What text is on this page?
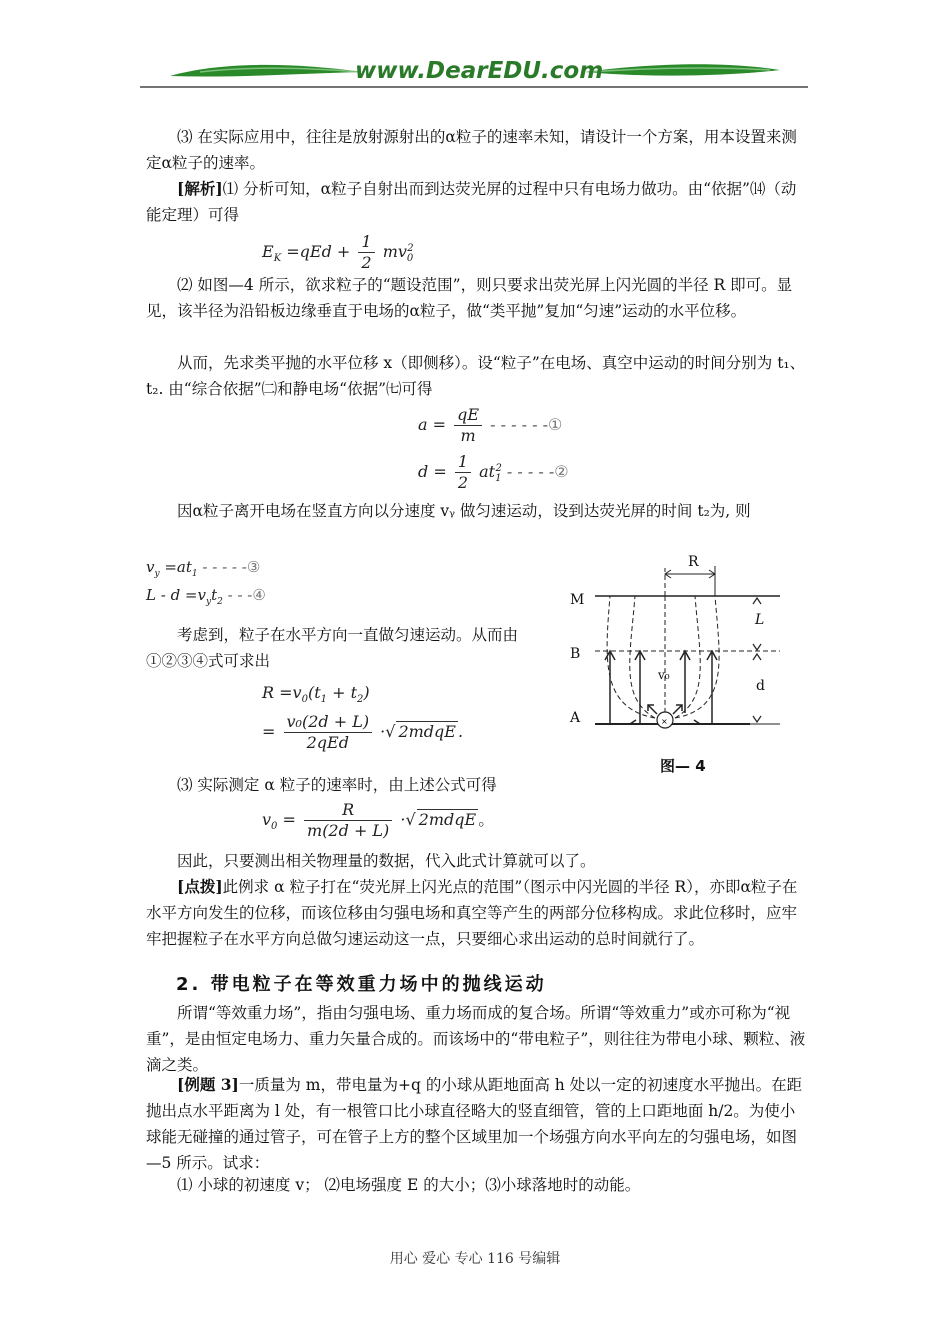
www.DearEDU.com

⑶ 在实际应用中，往往是放射源射出的α粒子的速率未知，请设计一个方案，用本设置来测定α粒子的速率。

[解析]⑴ 分析可知，α粒子自射出而到达荧光屏的过程中只有电场力做功。由“依据”⒁（动能定理）可得

$E_K =qEd + \frac{1}{2} mv_0^2$

⑵ 如图—4 所示，欲求粒子的“题设范围”，则只要求出荧光屏上闪光圆的半径 R 即可。显见，该半径为沿铅板边缘垂直于电场的α粒子，做“类平抛”复加“匀速”运动的水平位移。

从而，先求类平抛的水平位移 x（即侧移）。设“粒子”在电场、真空中运动的时间分别为 t₁、t₂. 由“综合依据”㈡和静电场“依据”㈦可得

$a = \frac{qE}{m}$ - - - - - -①
$d = \frac{1}{2} at_1^2$ - - - - -②

因α粒子离开电场在竖直方向以分速度 vᵧ 做匀速运动，设到达荧光屏的时间 t₂为, 则

$v_y =at_1$ - - - - -③
$L - d =v_yt_2$ - - -④

考虑到，粒子在水平方向一直做匀速运动。从而由①②③④式可求出

$R =v_0(t_1 + t_2)$
= $\frac{\text{v₀(2d + L)}}{\text{2qEd}}$ ·√ 2mdqE .

⑶ 实际测定 α 粒子的速率时，由上述公式可得

$v_0 = \frac{R}{m(2d + L)}$ ·√ 2mdqE 。

因此，只要测出相关物理量的数据，代入此式计算就可以了。

[点拨]此例求 α 粒子打在“荧光屏上闪光点的范围”（图示中闪光圆的半径 R），亦即α粒子在水平方向发生的位移，而该位移由匀强电场和真空等产生的两部分位移构成。求此位移时，应牢牢把握粒子在水平方向总做匀速运动这一点，只要细心求出运动的总时间就行了。

2. 带电粒子在等效重力场中的抛线运动

所谓“等效重力场”，指由匀强电场、重力场而成的复合场。所谓“等效重力”或亦可称为“视重”，是由恒定电场力、重力矢量合成的。而该场中的“带电粒子”，则往往为带电小球、颗粒、液滴之类。

[例题 3]一质量为 m，带电量为+q 的小球从距地面高 h 处以一定的初速度水平抛出。在距抛出点水平距离为 l 处，有一根管口比小球直径略大的竖直细管，管的上口距地面 h/2。为使小球能无碰撞的通过管子，可在管子上方的整个区域里加一个场强方向水平向左的匀强电场，如图—5 所示。试求：

⑴ 小球的初速度 v； ⑵电场强度 E 的大小；⑶小球落地时的动能。

×
R
M
B
A
L
d
v₀
图— 4
用心 爱心 专心 116 号编辑
